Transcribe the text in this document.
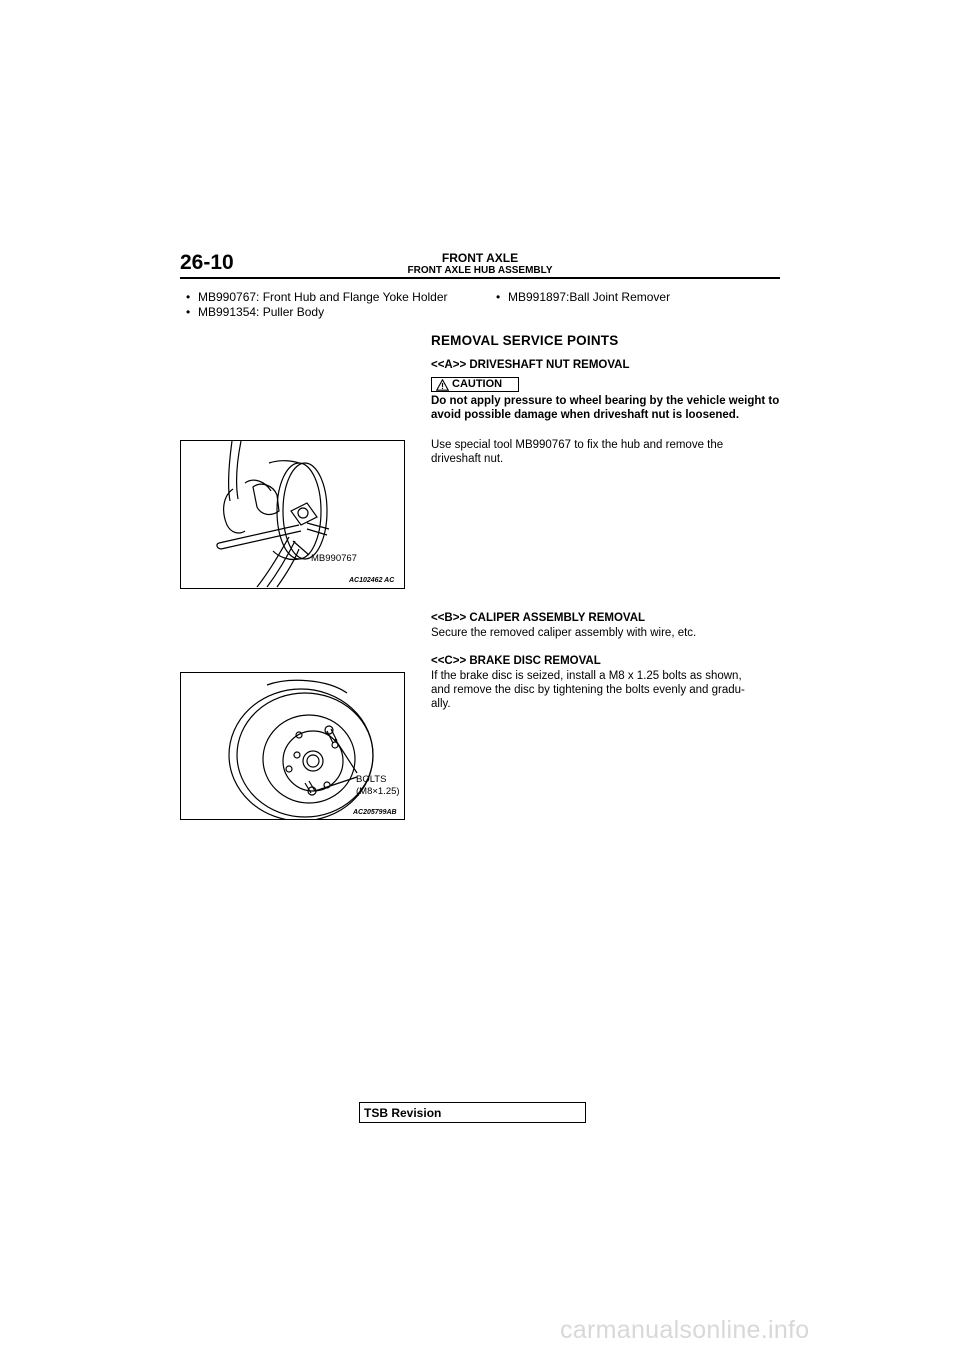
26-10	FRONT AXLE
FRONT AXLE HUB ASSEMBLY
• MB990767: Front Hub and Flange Yoke Holder
• MB991354: Puller Body
• MB991897:Ball Joint Remover
REMOVAL SERVICE POINTS
<<A>> DRIVESHAFT NUT REMOVAL
CAUTION
Do not apply pressure to wheel bearing by the vehicle weight to avoid possible damage when driveshaft nut is loosened.
Use special tool MB990767 to fix the hub and remove the
driveshaft nut.
MB990767
AC102462 AC
<<B>> CALIPER ASSEMBLY REMOVAL
Secure the removed caliper assembly with wire, etc.
<<C>> BRAKE DISC REMOVAL
If the brake disc is seized, install a M8 x 1.25 bolts as shown,
and remove the disc by tightening the bolts evenly and gradu-
ally.
BOLTS
(M8×1.25)
AC205799AB
TSB Revision
carmanualsonline.info
